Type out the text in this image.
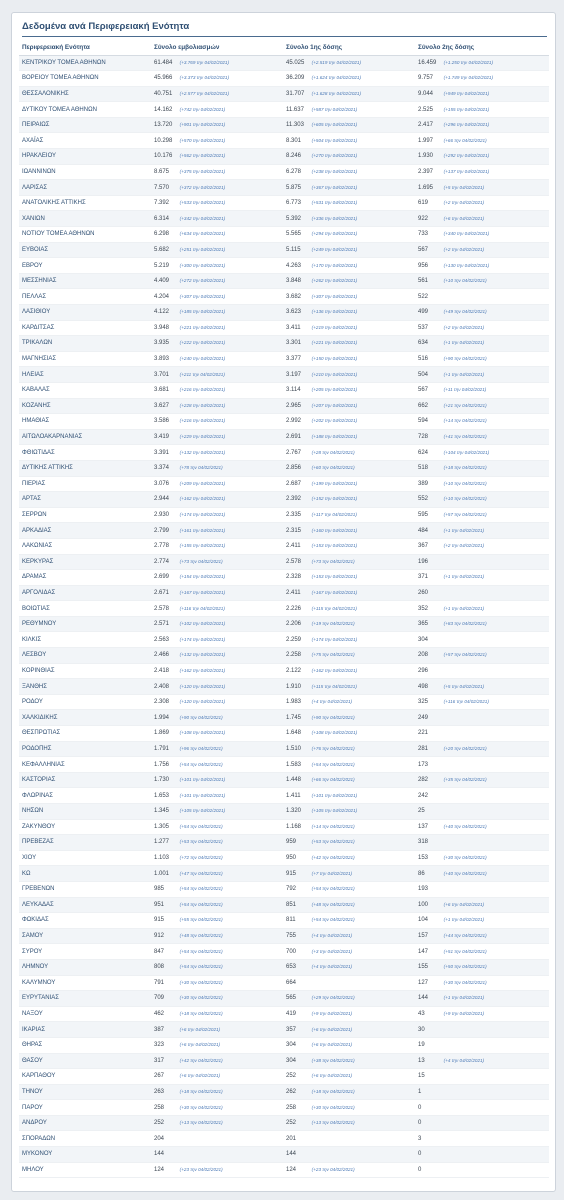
Δεδομένα ανά Περιφερειακή Ενότητα
Περιφερειακή Ενότητα	Σύνολο εμβολιασμών	Σύνολο 1ης δόσης	Σύνολο 2ης δόσης
ΚΕΝΤΡΙΚΟΥ ΤΟΜΕΑ ΑΘΗΝΩΝ	61.484 (+3.769 την 04/02/2021)	45.025 (+2.519 την 04/02/2021)	16.459 (+1.250 την 04/02/2021)
ΒΟΡΕΙΟΥ ΤΟΜΕΑ ΑΘΗΝΩΝ	45.966 (+3.373 την 04/02/2021)	36.209 (+1.624 την 04/02/2021)	9.757 (+1.749 την 04/02/2021)
ΘΕΣΣΑΛΟΝΙΚΗΣ	40.751 (+2.577 την 04/02/2021)	31.707 (+1.628 την 04/02/2021)	9.044 (+949 την 04/02/2021)
ΔΥΤΙΚΟΥ ΤΟΜΕΑ ΑΘΗΝΩΝ	14.162 (+742 την 04/02/2021)	11.637 (+587 την 04/02/2021)	2.525 (+155 την 04/02/2021)
ΠΕΙΡΑΙΩΣ	13.720 (+901 την 04/02/2021)	11.303 (+605 την 04/02/2021)	2.417 (+296 την 04/02/2021)
ΑΧΑΪΑΣ	10.298 (+570 την 04/02/2021)	8.301 (+504 την 04/02/2021)	1.997 (+66 την 04/02/2021)
ΗΡΑΚΛΕΙΟΥ	10.176 (+562 την 04/02/2021)	8.246 (+270 την 04/02/2021)	1.930 (+292 την 04/02/2021)
ΙΩΑΝΝΙΝΩΝ	8.675 (+375 την 04/02/2021)	6.278 (+238 την 04/02/2021)	2.397 (+137 την 04/02/2021)
ΛΑΡΙΣΑΣ	7.570 (+372 την 04/02/2021)	5.875 (+367 την 04/02/2021)	1.695 (+5 την 04/02/2021)
ΑΝΑΤΟΛΙΚΗΣ ΑΤΤΙΚΗΣ	7.392 (+533 την 04/02/2021)	6.773 (+531 την 04/02/2021)	619 (+2 την 04/02/2021)
ΧΑΝΙΩΝ	6.314 (+342 την 04/02/2021)	5.392 (+336 την 04/02/2021)	922 (+6 την 04/02/2021)
ΝΟΤΙΟΥ ΤΟΜΕΑ ΑΘΗΝΩΝ	6.298 (+634 την 04/02/2021)	5.565 (+294 την 04/02/2021)	733 (+340 την 04/02/2021)
ΕΥΒΟΙΑΣ	5.682 (+251 την 04/02/2021)	5.115 (+249 την 04/02/2021)	567 (+2 την 04/02/2021)
ΕΒΡΟΥ	5.219 (+300 την 04/02/2021)	4.263 (+170 την 04/02/2021)	956 (+130 την 04/02/2021)
ΜΕΣΣΗΝΙΑΣ	4.409 (+272 την 04/02/2021)	3.848 (+262 την 04/02/2021)	561 (+10 την 04/02/2021)
ΠΕΛΛΑΣ	4.204 (+307 την 04/02/2021)	3.682 (+307 την 04/02/2021)	522
ΛΑΣΙΘΙΟΥ	4.122 (+185 την 04/02/2021)	3.623 (+136 την 04/02/2021)	499 (+49 την 04/02/2021)
ΚΑΡΔΙΤΣΑΣ	3.948 (+221 την 04/02/2021)	3.411 (+219 την 04/02/2021)	537 (+2 την 04/02/2021)
ΤΡΙΚΑΛΩΝ	3.935 (+222 την 04/02/2021)	3.301 (+221 την 04/02/2021)	634 (+1 την 04/02/2021)
ΜΑΓΝΗΣΙΑΣ	3.893 (+240 την 04/02/2021)	3.377 (+150 την 04/02/2021)	516 (+90 την 04/02/2021)
ΗΛΕΙΑΣ	3.701 (+211 την 04/02/2021)	3.197 (+210 την 04/02/2021)	504 (+1 την 04/02/2021)
ΚΑΒΑΛΑΣ	3.681 (+216 την 04/02/2021)	3.114 (+205 την 04/02/2021)	567 (+11 την 04/02/2021)
ΚΟΖΑΝΗΣ	3.627 (+228 την 04/02/2021)	2.965 (+207 την 04/02/2021)	662 (+21 την 04/02/2021)
ΗΜΑΘΙΑΣ	3.586 (+216 την 04/02/2021)	2.992 (+202 την 04/02/2021)	594 (+14 την 04/02/2021)
ΑΙΤΩΛΟΑΚΑΡΝΑΝΙΑΣ	3.419 (+229 την 04/02/2021)	2.691 (+188 την 04/02/2021)	728 (+41 την 04/02/2021)
ΦΘΙΩΤΙΔΑΣ	3.391 (+132 την 04/02/2021)	2.767 (+28 την 04/02/2021)	624 (+104 την 04/02/2021)
ΔΥΤΙΚΗΣ ΑΤΤΙΚΗΣ	3.374 (+78 την 04/02/2021)	2.856 (+60 την 04/02/2021)	518 (+18 την 04/02/2021)
ΠΙΕΡΙΑΣ	3.076 (+209 την 04/02/2021)	2.687 (+199 την 04/02/2021)	389 (+10 την 04/02/2021)
ΑΡΤΑΣ	2.944 (+162 την 04/02/2021)	2.392 (+152 την 04/02/2021)	552 (+10 την 04/02/2021)
ΣΕΡΡΩΝ	2.930 (+174 την 04/02/2021)	2.335 (+117 την 04/02/2021)	595 (+57 την 04/02/2021)
ΑΡΚΑΔΙΑΣ	2.799 (+161 την 04/02/2021)	2.315 (+160 την 04/02/2021)	484 (+1 την 04/02/2021)
ΛΑΚΩΝΙΑΣ	2.778 (+155 την 04/02/2021)	2.411 (+153 την 04/02/2021)	367 (+2 την 04/02/2021)
ΚΕΡΚΥΡΑΣ	2.774 (+73 την 04/02/2021)	2.578 (+73 την 04/02/2021)	196
ΔΡΑΜΑΣ	2.699 (+154 την 04/02/2021)	2.328 (+153 την 04/02/2021)	371 (+1 την 04/02/2021)
ΑΡΓΟΛΙΔΑΣ	2.671 (+167 την 04/02/2021)	2.411 (+167 την 04/02/2021)	260
ΒΟΙΩΤΙΑΣ	2.578 (+116 την 04/02/2021)	2.226 (+115 την 04/02/2021)	352 (+1 την 04/02/2021)
ΡΕΘΥΜΝΟΥ	2.571 (+102 την 04/02/2021)	2.206 (+19 την 04/02/2021)	365 (+83 την 04/02/2021)
ΚΙΛΚΙΣ	2.563 (+174 την 04/02/2021)	2.259 (+174 την 04/02/2021)	304
ΛΕΣΒΟΥ	2.466 (+132 την 04/02/2021)	2.258 (+75 την 04/02/2021)	208 (+57 την 04/02/2021)
ΚΟΡΙΝΘΙΑΣ	2.418 (+162 την 04/02/2021)	2.122 (+162 την 04/02/2021)	296
ΞΑΝΘΗΣ	2.408 (+120 την 04/02/2021)	1.910 (+115 την 04/02/2021)	498 (+5 την 04/02/2021)
ΡΟΔΟΥ	2.308 (+120 την 04/02/2021)	1.983 (+4 την 04/02/2021)	325 (+116 την 04/02/2021)
ΧΑΛΚΙΔΙΚΗΣ	1.994 (+90 την 04/02/2021)	1.745 (+90 την 04/02/2021)	249
ΘΕΣΠΡΩΤΙΑΣ	1.869 (+108 την 04/02/2021)	1.648 (+108 την 04/02/2021)	221
ΡΟΔΟΠΗΣ	1.791 (+96 την 04/02/2021)	1.510 (+76 την 04/02/2021)	281 (+20 την 04/02/2021)
ΚΕΦΑΛΛΗΝΙΑΣ	1.756 (+54 την 04/02/2021)	1.583 (+54 την 04/02/2021)	173
ΚΑΣΤΟΡΙΑΣ	1.730 (+101 την 04/02/2021)	1.448 (+66 την 04/02/2021)	282 (+35 την 04/02/2021)
ΦΛΩΡΙΝΑΣ	1.653 (+101 την 04/02/2021)	1.411 (+101 την 04/02/2021)	242
ΝΗΣΩΝ	1.345 (+105 την 04/02/2021)	1.320 (+105 την 04/02/2021)	25
ΖΑΚΥΝΘΟΥ	1.305 (+54 την 04/02/2021)	1.168 (+14 την 04/02/2021)	137 (+40 την 04/02/2021)
ΠΡΕΒΕΖΑΣ	1.277 (+53 την 04/02/2021)	959 (+53 την 04/02/2021)	318
ΧΙΟΥ	1.103 (+72 την 04/02/2021)	950 (+42 την 04/02/2021)	153 (+30 την 04/02/2021)
ΚΩ	1.001 (+47 την 04/02/2021)	915 (+7 την 04/02/2021)	86 (+40 την 04/02/2021)
ΓΡΕΒΕΝΩΝ	985 (+54 την 04/02/2021)	792 (+54 την 04/02/2021)	193
ΛΕΥΚΑΔΑΣ	951 (+54 την 04/02/2021)	851 (+48 την 04/02/2021)	100 (+6 την 04/02/2021)
ΦΩΚΙΔΑΣ	915 (+55 την 04/02/2021)	811 (+54 την 04/02/2021)	104 (+1 την 04/02/2021)
ΣΑΜΟΥ	912 (+48 την 04/02/2021)	755 (+4 την 04/02/2021)	157 (+44 την 04/02/2021)
ΣΥΡΟΥ	847 (+54 την 04/02/2021)	700 (+3 την 04/02/2021)	147 (+51 την 04/02/2021)
ΛΗΜΝΟΥ	808 (+54 την 04/02/2021)	653 (+4 την 04/02/2021)	155 (+50 την 04/02/2021)
ΚΑΛΥΜΝΟΥ	791 (+30 την 04/02/2021)	664	127 (+30 την 04/02/2021)
ΕΥΡΥΤΑΝΙΑΣ	709 (+30 την 04/02/2021)	565 (+29 την 04/02/2021)	144 (+1 την 04/02/2021)
ΝΑΞΟΥ	462 (+18 την 04/02/2021)	419 (+9 την 04/02/2021)	43 (+9 την 04/02/2021)
ΙΚΑΡΙΑΣ	387 (+6 την 04/02/2021)	357 (+6 την 04/02/2021)	30
ΘΗΡΑΣ	323 (+6 την 04/02/2021)	304 (+6 την 04/02/2021)	19
ΘΑΣΟΥ	317 (+42 την 04/02/2021)	304 (+38 την 04/02/2021)	13 (+4 την 04/02/2021)
ΚΑΡΠΑΘΟΥ	267 (+6 την 04/02/2021)	252 (+6 την 04/02/2021)	15
ΤΗΝΟΥ	263 (+18 την 04/02/2021)	262 (+18 την 04/02/2021)	1
ΠΑΡΟΥ	258 (+30 την 04/02/2021)	258 (+30 την 04/02/2021)	0
ΑΝΔΡΟΥ	252 (+13 την 04/02/2021)	252 (+13 την 04/02/2021)	0
ΣΠΟΡΑΔΩΝ	204	201	3
ΜΥΚΟΝΟΥ	144	144	0
ΜΗΛΟΥ	124 (+23 την 04/02/2021)	124 (+23 την 04/02/2021)	0
